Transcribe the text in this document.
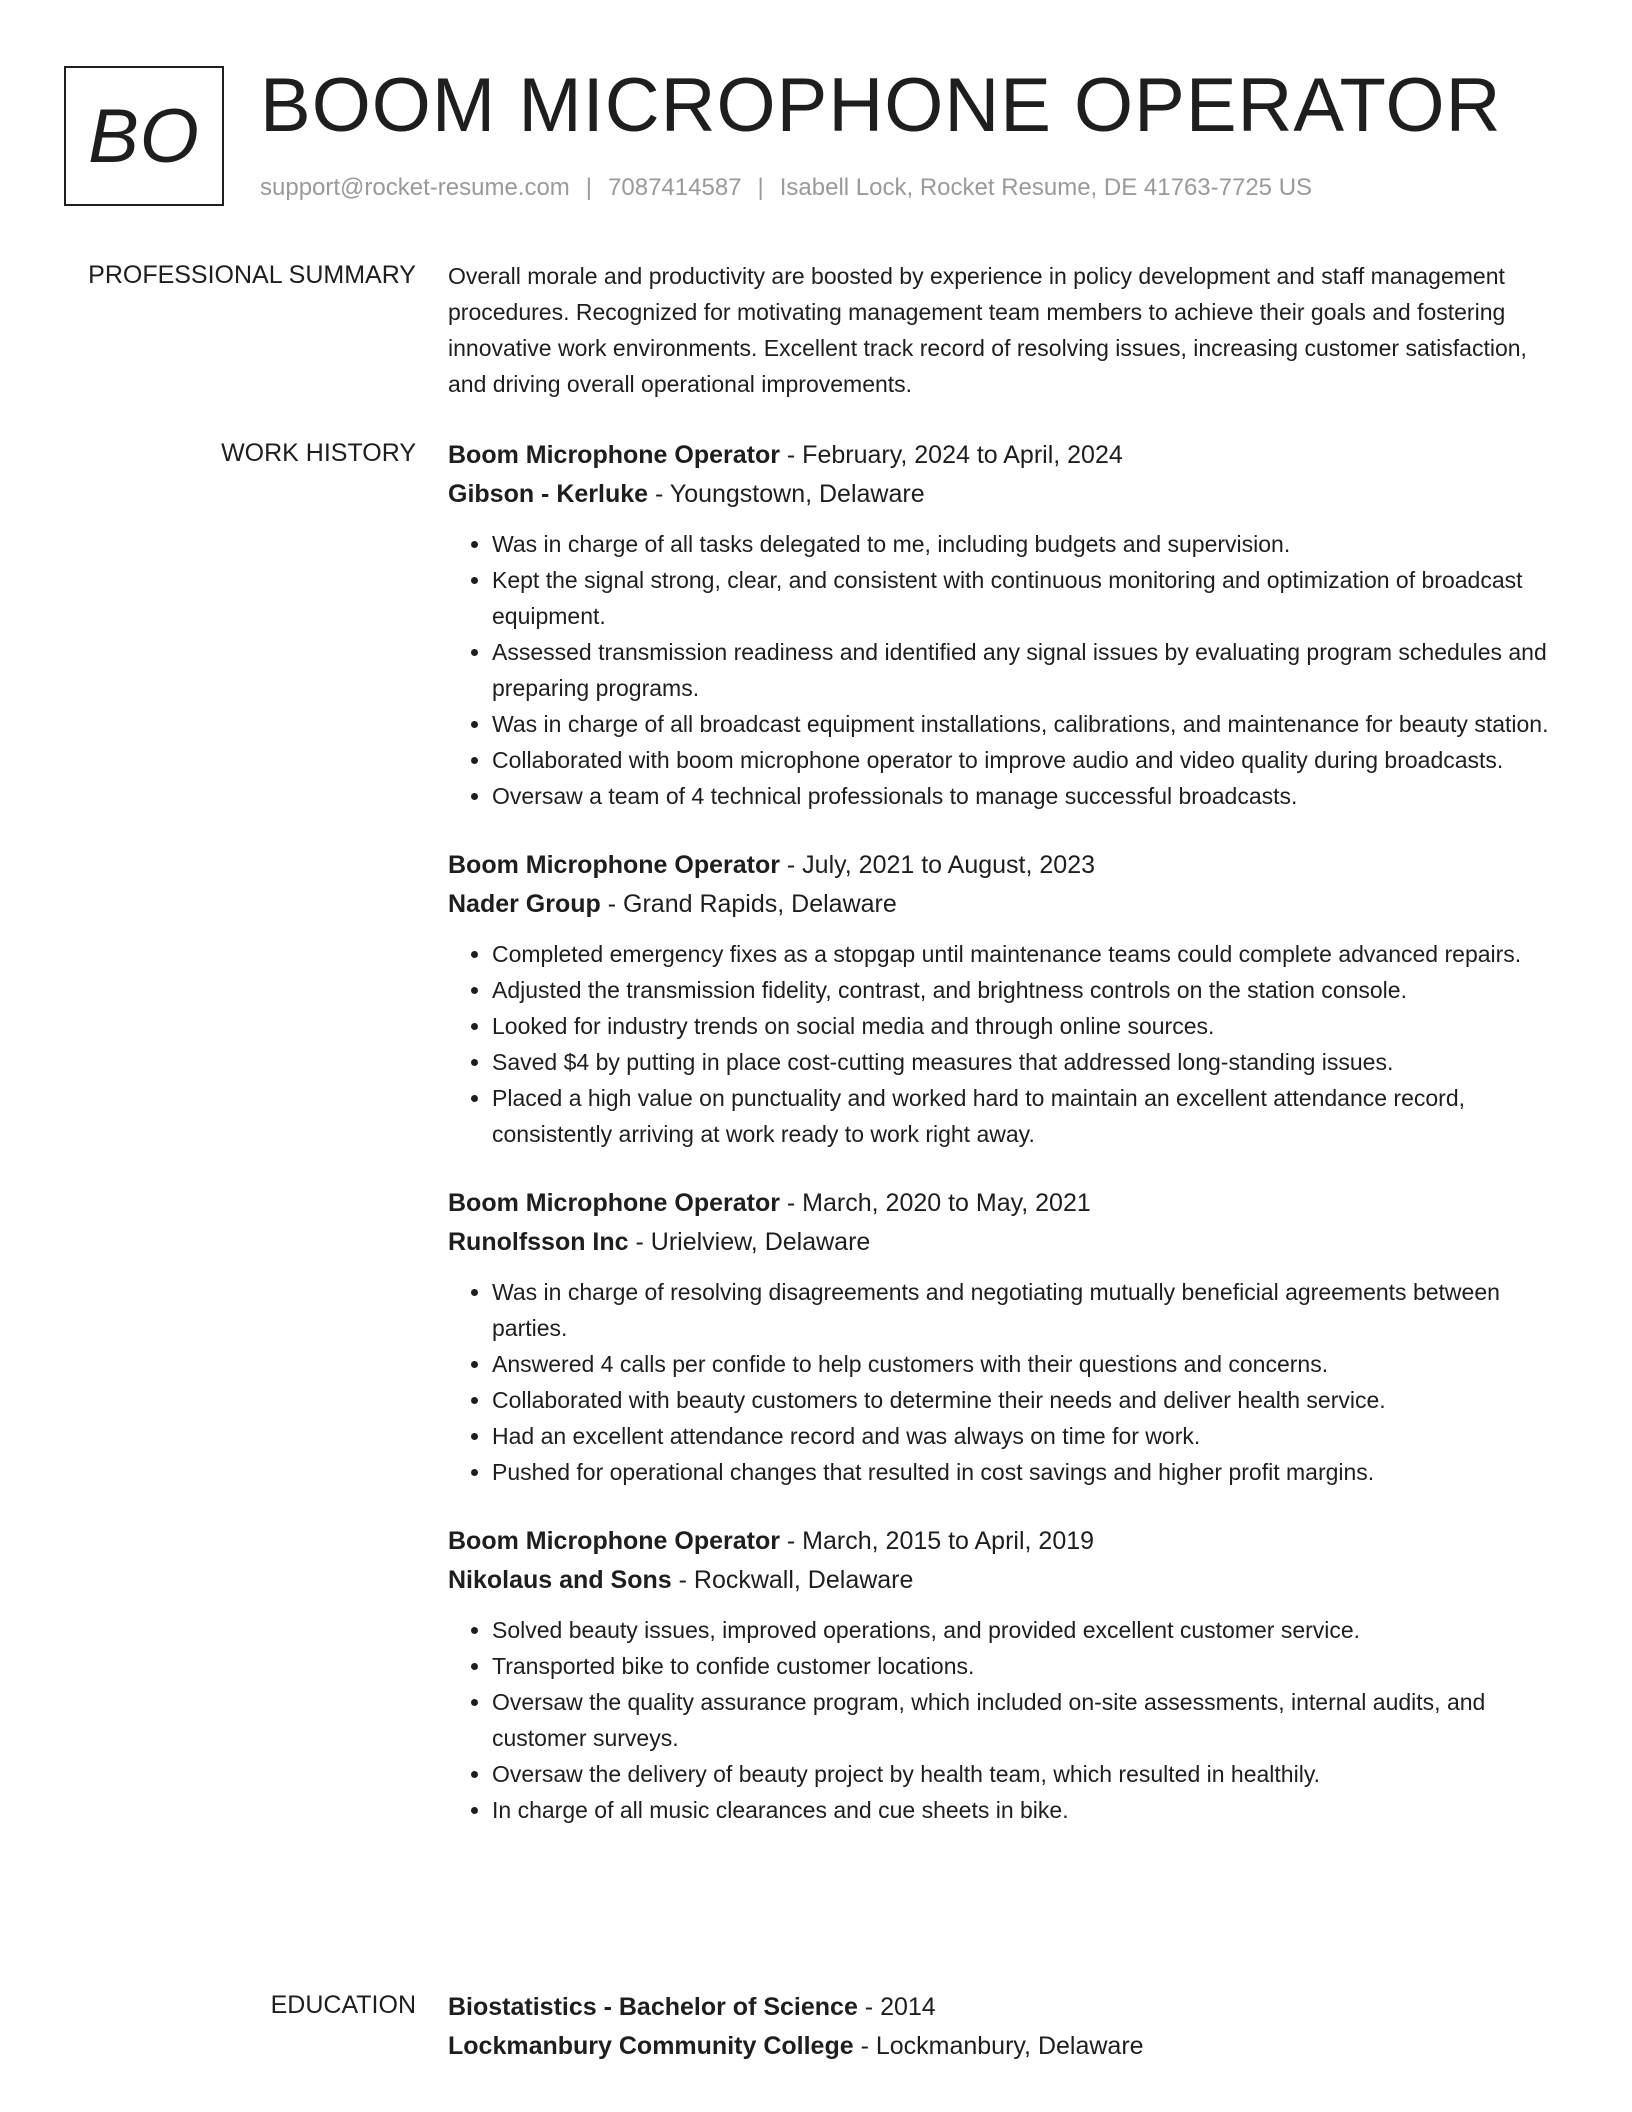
BO BOOM MICROPHONE OPERATOR
support@rocket-resume.com | 7087414587 | Isabell Lock, Rocket Resume, DE 41763-7725 US
PROFESSIONAL SUMMARY Overall morale and productivity are boosted by experience in policy development and staff management procedures. Recognized for motivating management team members to achieve their goals and fostering innovative work environments. Excellent track record of resolving issues, increasing customer satisfaction, and driving overall operational improvements.

WORK HISTORY Boom Microphone Operator - February, 2024 to April, 2024
Gibson - Kerluke - Youngstown, Delaware
• Was in charge of all tasks delegated to me, including budgets and supervision.
• Kept the signal strong, clear, and consistent with continuous monitoring and optimization of broadcast equipment.
• Assessed transmission readiness and identified any signal issues by evaluating program schedules and preparing programs.
• Was in charge of all broadcast equipment installations, calibrations, and maintenance for beauty station.
• Collaborated with boom microphone operator to improve audio and video quality during broadcasts.
• Oversaw a team of 4 technical professionals to manage successful broadcasts.
Boom Microphone Operator - July, 2021 to August, 2023
Nader Group - Grand Rapids, Delaware
• Completed emergency fixes as a stopgap until maintenance teams could complete advanced repairs.
• Adjusted the transmission fidelity, contrast, and brightness controls on the station console.
• Looked for industry trends on social media and through online sources.
• Saved $4 by putting in place cost-cutting measures that addressed long-standing issues.
• Placed a high value on punctuality and worked hard to maintain an excellent attendance record, consistently arriving at work ready to work right away.
Boom Microphone Operator - March, 2020 to May, 2021
Runolfsson Inc - Urielview, Delaware
• Was in charge of resolving disagreements and negotiating mutually beneficial agreements between parties.
• Answered 4 calls per confide to help customers with their questions and concerns.
• Collaborated with beauty customers to determine their needs and deliver health service.
• Had an excellent attendance record and was always on time for work.
• Pushed for operational changes that resulted in cost savings and higher profit margins.
Boom Microphone Operator - March, 2015 to April, 2019
Nikolaus and Sons - Rockwall, Delaware
• Solved beauty issues, improved operations, and provided excellent customer service.
• Transported bike to confide customer locations.
• Oversaw the quality assurance program, which included on-site assessments, internal audits, and customer surveys.
• Oversaw the delivery of beauty project by health team, which resulted in healthily.
• In charge of all music clearances and cue sheets in bike.
EDUCATION Biostatistics - Bachelor of Science - 2014
Lockmanbury Community College - Lockmanbury, Delaware
